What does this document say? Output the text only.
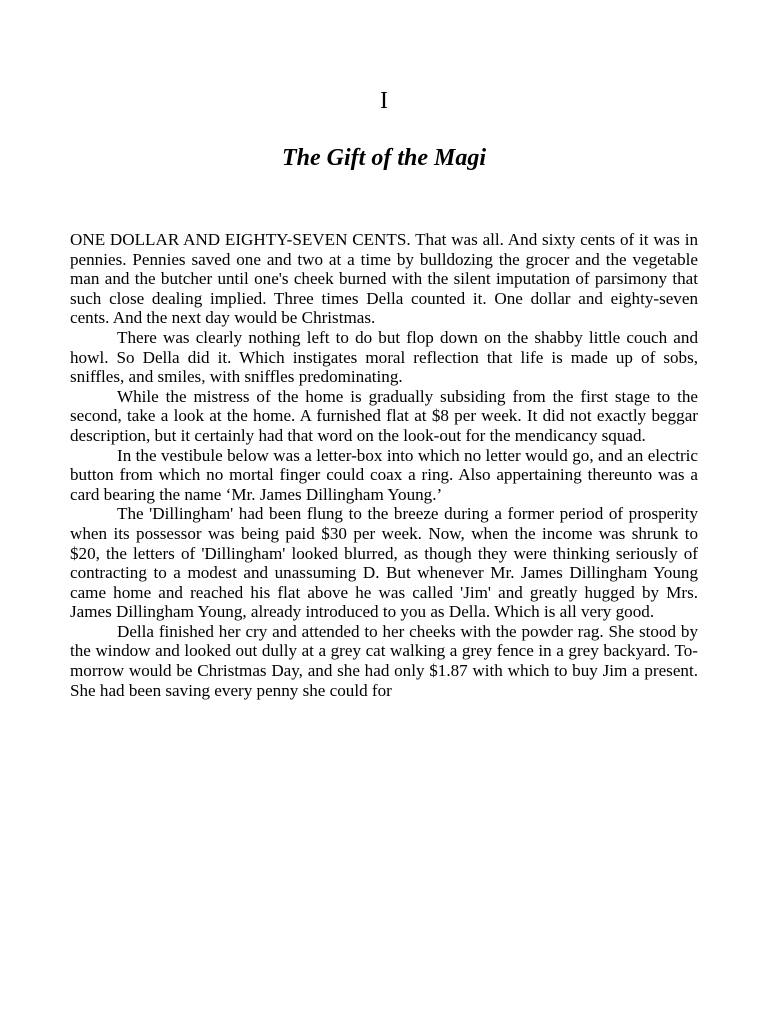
I
The Gift of the Magi

ONE DOLLAR AND EIGHTY-SEVEN CENTS. That was all. And sixty cents of it was in pennies. Pennies saved one and two at a time by bulldozing the grocer and the vegetable man and the butcher until one's cheek burned with the silent imputation of parsimony that such close dealing implied. Three times Della counted it. One dollar and eighty-seven cents. And the next day would be Christmas.

There was clearly nothing left to do but flop down on the shabby little couch and howl. So Della did it. Which instigates moral reflection that life is made up of sobs, sniffles, and smiles, with sniffles predominating.

While the mistress of the home is gradually subsiding from the first stage to the second, take a look at the home. A furnished flat at $8 per week. It did not exactly beggar description, but it certainly had that word on the look-out for the mendicancy squad.

In the vestibule below was a letter-box into which no letter would go, and an electric button from which no mortal finger could coax a ring. Also appertaining thereunto was a card bearing the name ‘Mr. James Dillingham Young.’

The 'Dillingham' had been flung to the breeze during a former period of prosperity when its possessor was being paid $30 per week. Now, when the income was shrunk to $20, the letters of 'Dillingham' looked blurred, as though they were thinking seriously of contracting to a modest and unassuming D. But whenever Mr. James Dillingham Young came home and reached his flat above he was called 'Jim' and greatly hugged by Mrs. James Dillingham Young, already introduced to you as Della. Which is all very good.

Della finished her cry and attended to her cheeks with the powder rag. She stood by the window and looked out dully at a grey cat walking a grey fence in a grey backyard. To-morrow would be Christmas Day, and she had only $1.87 with which to buy Jim a present. She had been saving every penny she could for
